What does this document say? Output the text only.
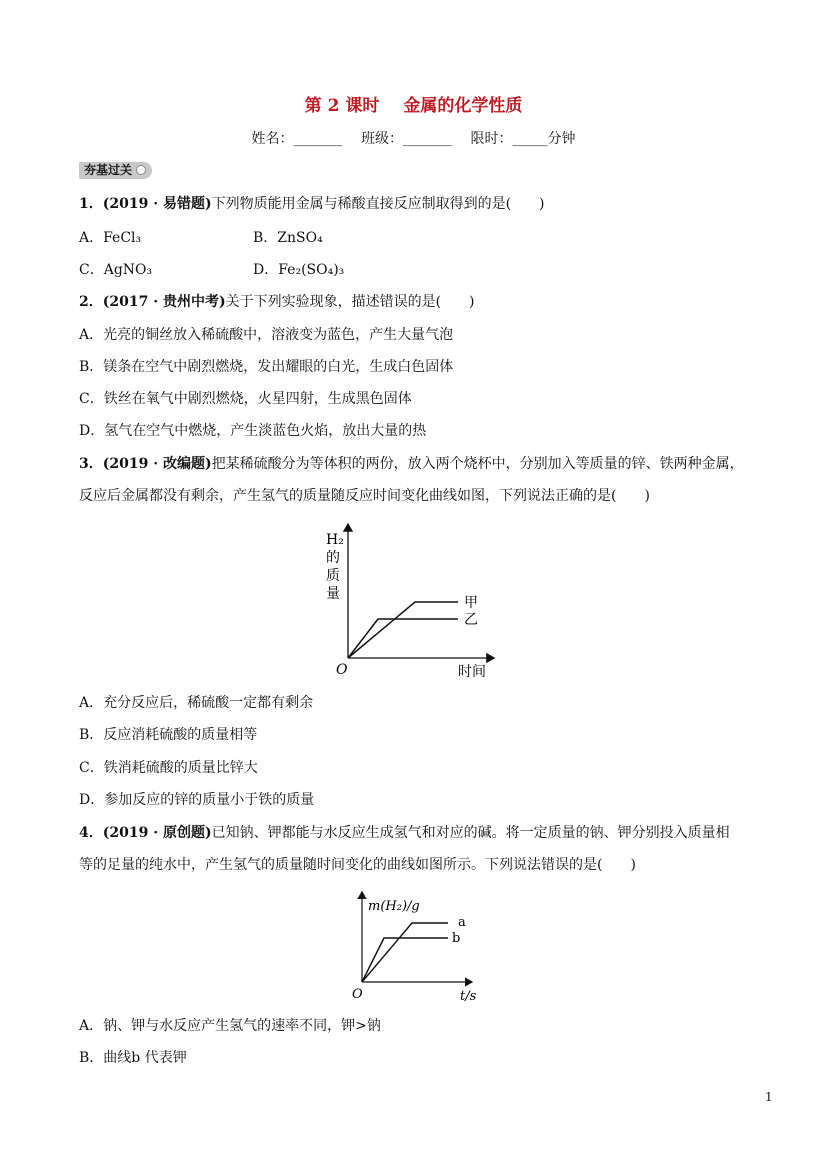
第 2 课时 金属的化学性质
姓名：_______ 班级：_______ 限时：_____分钟
夯基过关
1．(2019 · 易错题)下列物质能用金属与稀酸直接反应制取得到的是(　　)
A．FeCl₃	B．ZnSO₄
C．AgNO₃	D．Fe₂(SO₄)₃
2．(2017 · 贵州中考)关于下列实验现象，描述错误的是(　　)
A．光亮的铜丝放入稀硫酸中，溶液变为蓝色，产生大量气泡
B．镁条在空气中剧烈燃烧，发出耀眼的白光，生成白色固体
C．铁丝在氧气中剧烈燃烧，火星四射，生成黑色固体
D．氢气在空气中燃烧，产生淡蓝色火焰，放出大量的热
3．(2019 · 改编题)把某稀硫酸分为等体积的两份，放入两个烧杯中，分别加入等质量的锌、铁两种金属，
反应后金属都没有剩余，产生氢气的质量随反应时间变化曲线如图，下列说法正确的是(　　)
H₂
的
质
量
甲
乙
O	时间
A．充分反应后，稀硫酸一定都有剩余
B．反应消耗硫酸的质量相等
C．铁消耗硫酸的质量比锌大
D．参加反应的锌的质量小于铁的质量
4．(2019 · 原创题)已知钠、钾都能与水反应生成氢气和对应的碱。将一定质量的钠、钾分别投入质量相
等的足量的纯水中，产生氢气的质量随时间变化的曲线如图所示。下列说法错误的是(　　)
m(H₂)/g
a
b
O	t/s
A．钠、钾与水反应产生氢气的速率不同，钾>钠
B．曲线b 代表钾
1
